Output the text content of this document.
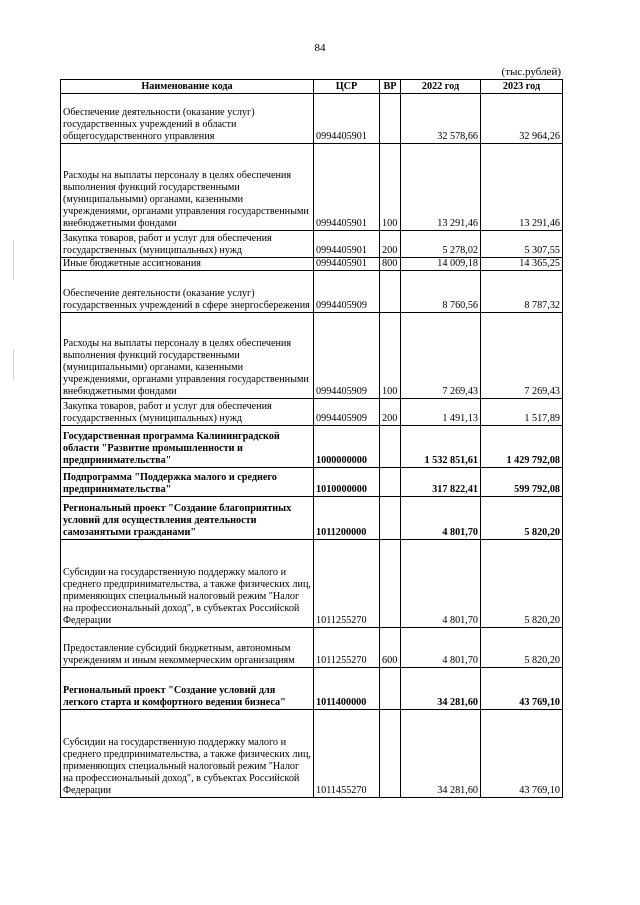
84
(тыс.рублей)
Наименование кода	ЦСР	ВР	2022 год	2023 год
Обеспечение деятельности (оказание услуг) государственных учреждений в области общегосударственного управления	0994405901		32 578,66	32 964,26
Расходы на выплаты персоналу в целях обеспечения выполнения функций государственными (муниципальными) органами, казенными учреждениями, органами управления государственными внебюджетными фондами	0994405901	100	13 291,46	13 291,46
Закупка товаров, работ и услуг для обеспечения государственных (муниципальных) нужд	0994405901	200	5 278,02	5 307,55
Иные бюджетные ассигнования	0994405901	800	14 009,18	14 365,25
Обеспечение деятельности (оказание услуг) государственных учреждений в сфере энергосбережения	0994405909		8 760,56	8 787,32
Расходы на выплаты персоналу в целях обеспечения выполнения функций государственными (муниципальными) органами, казенными учреждениями, органами управления государственными внебюджетными фондами	0994405909	100	7 269,43	7 269,43
Закупка товаров, работ и услуг для обеспечения государственных (муниципальных) нужд	0994405909	200	1 491,13	1 517,89
Государственная программа Калининградской области "Развитие промышленности и предпринимательства"	1000000000		1 532 851,61	1 429 792,08
Подпрограмма "Поддержка малого и среднего предпринимательства"	1010000000		317 822,41	599 792,08
Региональный проект "Создание благоприятных условий для осуществления деятельности самозанятыми гражданами"	1011200000		4 801,70	5 820,20
Субсидии на государственную поддержку малого и среднего предпринимательства, а также физических лиц, применяющих специальный налоговый режим "Налог на профессиональный доход", в субъектах Российской Федерации	1011255270		4 801,70	5 820,20
Предоставление субсидий бюджетным, автономным учреждениям и иным некоммерческим организациям	1011255270	600	4 801,70	5 820,20
Региональный проект "Создание условий для легкого старта и комфортного ведения бизнеса"	1011400000		34 281,60	43 769,10
Субсидии на государственную поддержку малого и среднего предпринимательства, а также физических лиц, применяющих специальный налоговый режим "Налог на профессиональный доход", в субъектах Российской Федерации	1011455270		34 281,60	43 769,10
